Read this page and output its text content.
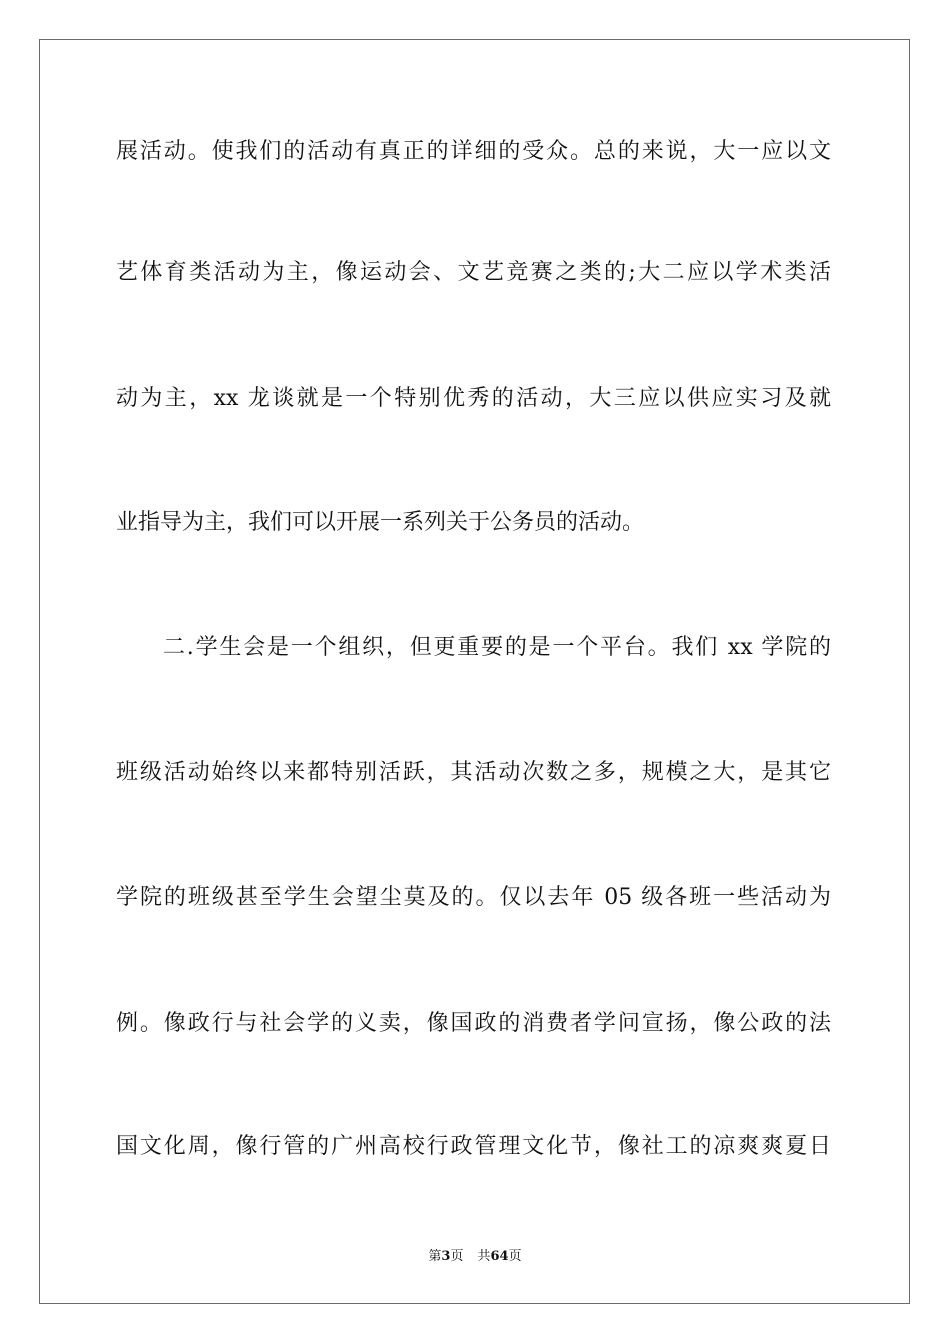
展活动。使我们的活动有真正的详细的受众。总的来说，大一应以文
艺体育类活动为主，像运动会、文艺竞赛之类的;大二应以学术类活
动为主，xx 龙谈就是一个特别优秀的活动，大三应以供应实习及就
业指导为主，我们可以开展一系列关于公务员的活动。
二.学生会是一个组织，但更重要的是一个平台。我们 xx 学院的
班级活动始终以来都特别活跃，其活动次数之多，规模之大，是其它
学院的班级甚至学生会望尘莫及的。仅以去年 05 级各班一些活动为
例。像政行与社会学的义卖，像国政的消费者学问宣扬，像公政的法
国文化周，像行管的广州高校行政管理文化节，像社工的凉爽爽夏日
第3页 共64页
